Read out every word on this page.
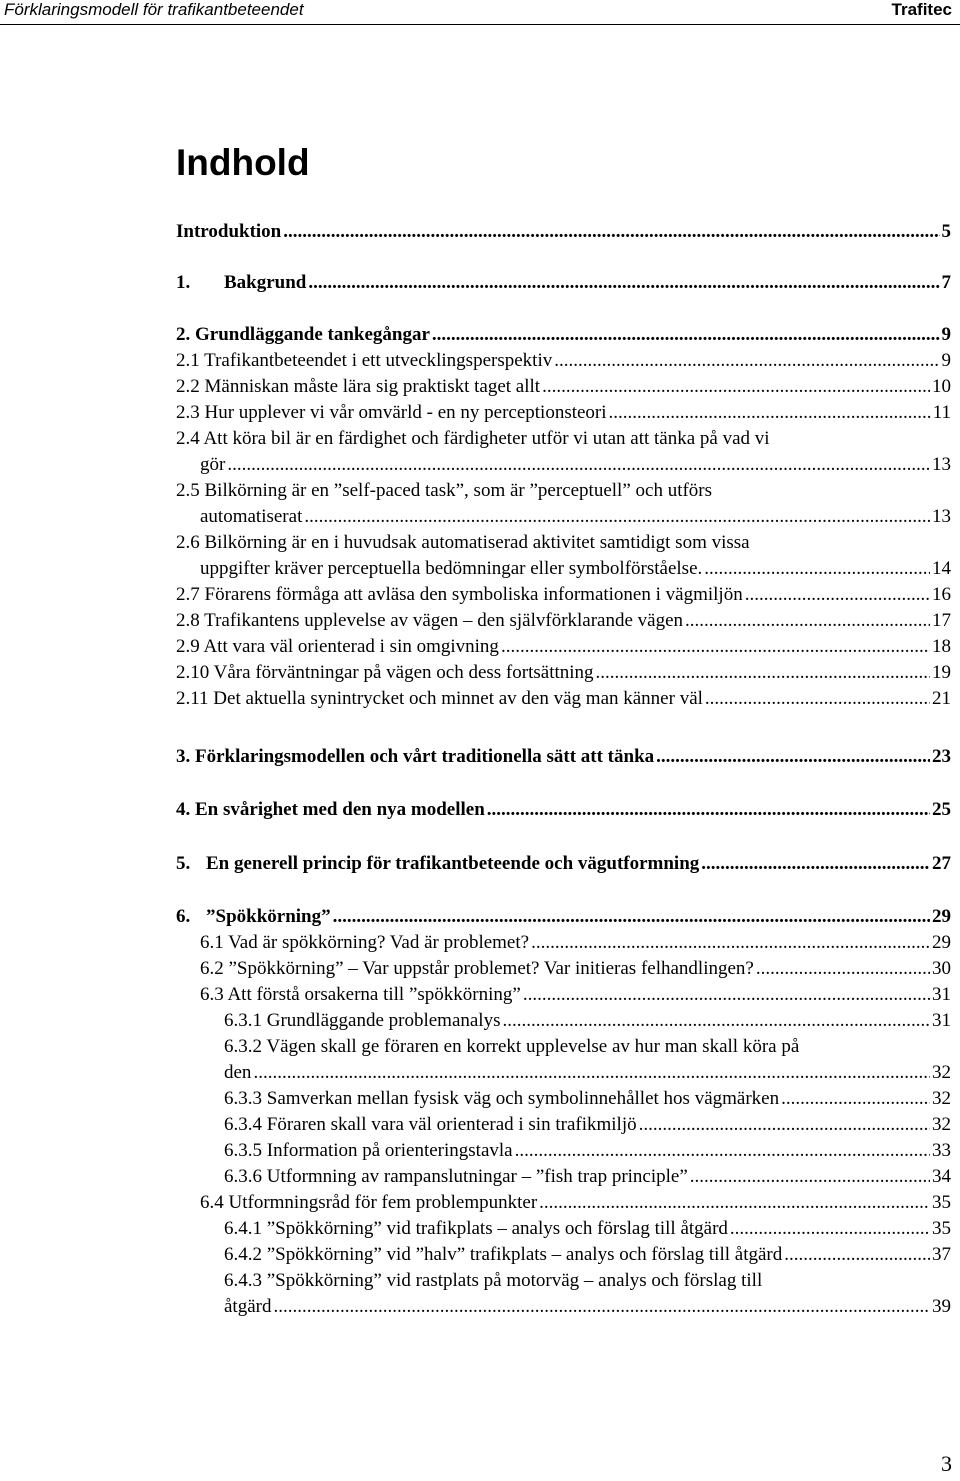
Förklaringsmodell för trafikantbeteendet	Trafitec
Indhold
Introduktion .....	5
1. Bakgrund .....	7
2. Grundläggande tankegångar .....	9
2.1 Trafikantbeteendet i ett utvecklingsperspektiv .....	9
2.2 Människan måste lära sig praktiskt taget allt .....	10
2.3 Hur upplever vi vår omvärld - en ny perceptionsteori .....	11
2.4 Att köra bil är en färdighet och färdigheter utför vi utan att tänka på vad vi
gör .....	13
2.5 Bilkörning är en ”self-paced task”, som är ”perceptuell” och utförs
automatiserat .....	13
2.6 Bilkörning är en i huvudsak automatiserad aktivitet samtidigt som vissa
uppgifter kräver perceptuella bedömningar eller symbolförståelse. .....	14
2.7 Förarens förmåga att avläsa den symboliska informationen i vägmiljön .....	16
2.8 Trafikantens upplevelse av vägen – den självförklarande vägen .....	17
2.9 Att vara väl orienterad i sin omgivning .....	18
2.10 Våra förväntningar på vägen och dess fortsättning .....	19
2.11 Det aktuella synintrycket och minnet av den väg man känner väl .....	21
3. Förklaringsmodellen och vårt traditionella sätt att tänka .....	23
4. En svårighet med den nya modellen .....	25
5. En generell princip för trafikantbeteende och vägutformning .....	27
6. ”Spökkörning” .....	29
6.1 Vad är spökkörning? Vad är problemet? .....	29
6.2 ”Spökkörning” – Var uppstår problemet? Var initieras felhandlingen? .....	30
6.3 Att förstå orsakerna till ”spökkörning” .....	31
6.3.1 Grundläggande problemanalys .....	31
6.3.2 Vägen skall ge föraren en korrekt upplevelse av hur man skall köra på
den .....	32
6.3.3 Samverkan mellan fysisk väg och symbolinnehållet hos vägmärken .....	32
6.3.4 Föraren skall vara väl orienterad i sin trafikmiljö .....	32
6.3.5 Information på orienteringstavla .....	33
6.3.6 Utformning av rampanslutningar – ”fish trap principle” .....	34
6.4 Utformningsråd för fem problempunkter .....	35
6.4.1 ”Spökkörning” vid trafikplats – analys och förslag till åtgärd .....	35
6.4.2 ”Spökkörning” vid ”halv” trafikplats – analys och förslag till åtgärd .....	37
6.4.3 ”Spökkörning” vid rastplats på motorväg – analys och förslag till
åtgärd .....	39
3
